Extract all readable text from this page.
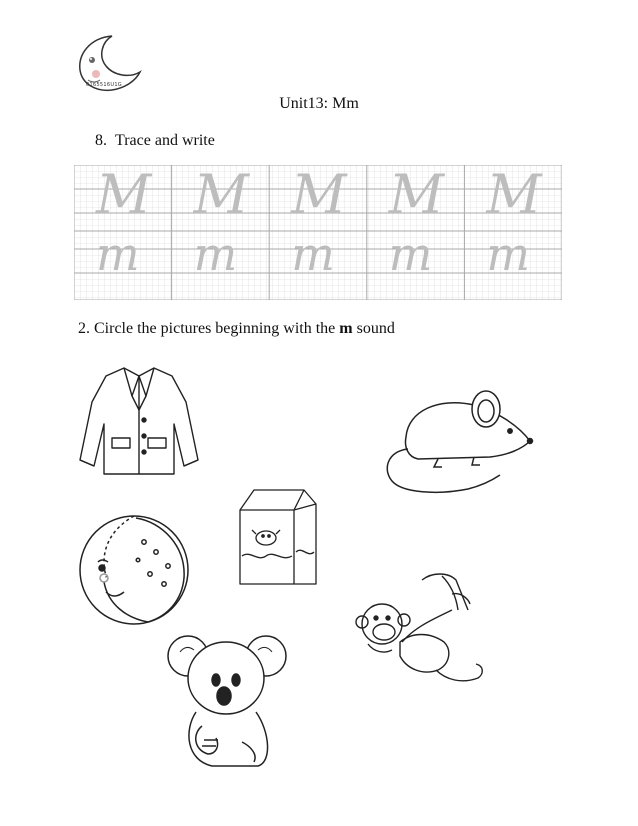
0165516U1G
Unit13: Mm
8. Trace and write
M M M M M
m m m m m
2. Circle the pictures beginning with the m sound
